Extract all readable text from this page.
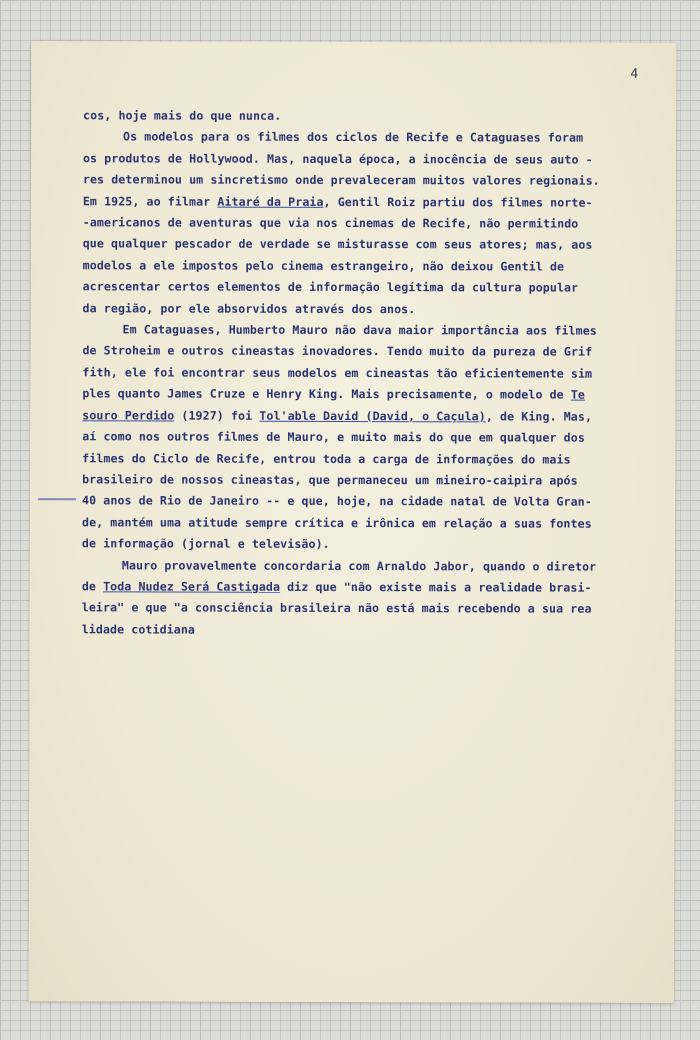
4
cos, hoje mais do que nunca.
Os modelos para os filmes dos ciclos de Recife e Cataguases foram
os produtos de Hollywood. Mas, naquela época, a inocência de seus auto -
res determinou um sincretismo onde prevaleceram muitos valores regionais.
Em 1925, ao filmar Aitaré da Praia, Gentil Roiz partiu dos filmes norte-
-americanos de aventuras que via nos cinemas de Recife, não permitindo
que qualquer pescador de verdade se misturasse com seus atores; mas, aos
modelos a ele impostos pelo cinema estrangeiro, não deixou Gentil de
acrescentar certos elementos de informação legítima da cultura popular
da região, por ele absorvidos através dos anos.
Em Cataguases, Humberto Mauro não dava maior importância aos filmes
de Stroheim e outros cineastas inovadores. Tendo muito da pureza de Grif
fith, ele foi encontrar seus modelos em cineastas tão eficientemente sim
ples quanto James Cruze e Henry King. Mais precisamente, o modelo de Te
souro Perdido (1927) foi Tol'able David (David, o Caçula), de King. Mas,
aí como nos outros filmes de Mauro, e muito mais do que em qualquer dos
filmes do Ciclo de Recife, entrou toda a carga de informações do mais
brasileiro de nossos cineastas, que permaneceu um mineiro-caipira após
40 anos de Rio de Janeiro -- e que, hoje, na cidade natal de Volta Gran-
de, mantém uma atitude sempre crítica e irônica em relação a suas fontes
de informação (jornal e televisão).
Mauro provavelmente concordaria com Arnaldo Jabor, quando o diretor
de Toda Nudez Será Castigada diz que "não existe mais a realidade brasi-
leira" e que "a consciência brasileira não está mais recebendo a sua rea
lidade cotidiana
